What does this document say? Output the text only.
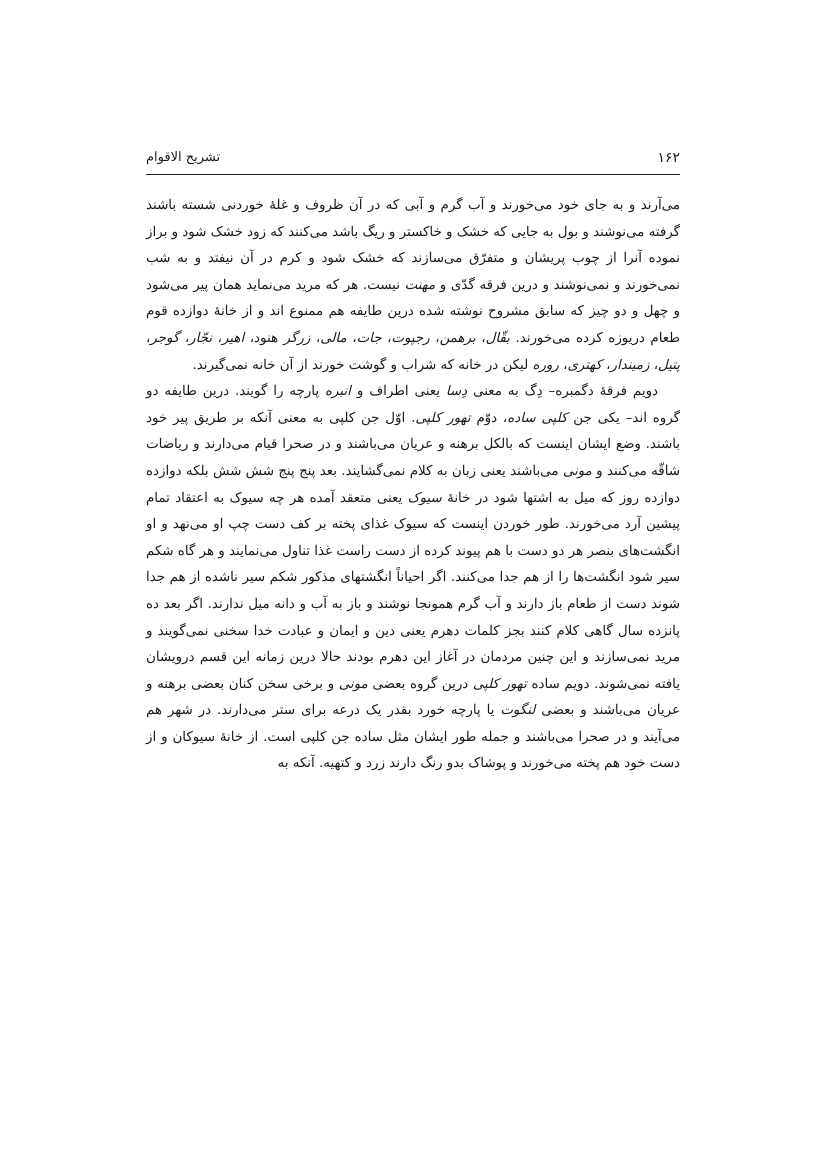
۱۶۲
تشریح الاقوام

می‌آرند و به جای خود می‌خورند و آب گرم و آبی که در آن ظروف و غلهٔ خوردنی شسته باشند گرفته می‌نوشند و بول به جایی که خشک و خاکستر و ریگ باشد می‌کنند که زود خشک شود و براز نموده آنرا از چوب پریشان و متفرّق می‌سازند که خشک شود و کرم در آن نیفتد و به شب نمی‌خورند و نمی‌نوشند و درین فرقه گدّی و مهنت نیست. هر که مرید می‌نماید همان پیر می‌شود و چهل و دو چیز که سابق مشروح نوشته شده درین طایفه هم ممنوع اند و از خانهٔ دوازده قوم طعام دریوزه کرده می‌خورند. بقّال، برهمن، رجپوت، جات، مالی، زرگر هنود، اهیر، نجّار، گوجر، پتیل، زمیندار، کهتری، روره لیکن در خانه که شراب و گوشت خورند از آن خانه نمی‌گیرند.

دویم فرقهٔ دگمبره– دِگ به معنی دِسا یعنی اطراف و انبره پارچه را گویند. درین طایفه دو گروه اند– یکی جن کلپی ساده، دوّم تهور کلپی. اوّل جن کلپی به معنی آنکه بر طریق پیر خود باشند. وضع ایشان اینست که بالکل برهنه و عریان می‌باشند و در صحرا قیام می‌دارند و ریاضات شاقّه می‌کنند و مونی می‌باشند یعنی زبان به کلام نمی‌گشایند. بعد پنج پنج شش شش بلکه دوازده دوازده روز که میل به اشتها شود در خانهٔ سیوک یعنی متعقد آمده هر چه سیوک به اعتقاد تمام پیشین آرد می‌خورند. طور خوردن اینست که سیوک غذای پخته بر کف دست چپ او می‌نهد و او انگشت‌های بنصر هر دو دست با هم پیوند کرده از دست راست غذا تناول می‌نمایند و هر گاه شکم سیر شود انگشت‌ها را از هم جدا می‌کنند. اگر احیاناً انگشتهای مذکور شکم سیر ناشده از هم جدا شوند دست از طعام باز دارند و آب گرم همونجا نوشند و باز به آب و دانه میل ندارند. اگر بعد ده پانزده سال گاهی کلام کنند بجز کلمات دهرم یعنی دین و ایمان و عبادت خدا سخنی نمی‌گویند و مرید نمی‌سازند و این چنین مردمان در آغاز این دهرم بودند حالا درین زمانه این قسم درویشان یافته نمی‌شوند. دویم ساده تهور کلپی درین گروه بعضی مونی و برخی سخن کنان بعضی برهنه و عریان می‌باشند و بعضی لنگوت یا پارچه خورد بقدر یک درعه برای ستر می‌دارند. در شهر هم می‌آیند و در صحرا می‌باشند و جمله طور ایشان مثل ساده جن کلپی است. از خانهٔ سیوکان و از دست خود هم پخته می‌خورند و پوشاک بدو رنگ دارند زرد و کتهیه. آنکه به
